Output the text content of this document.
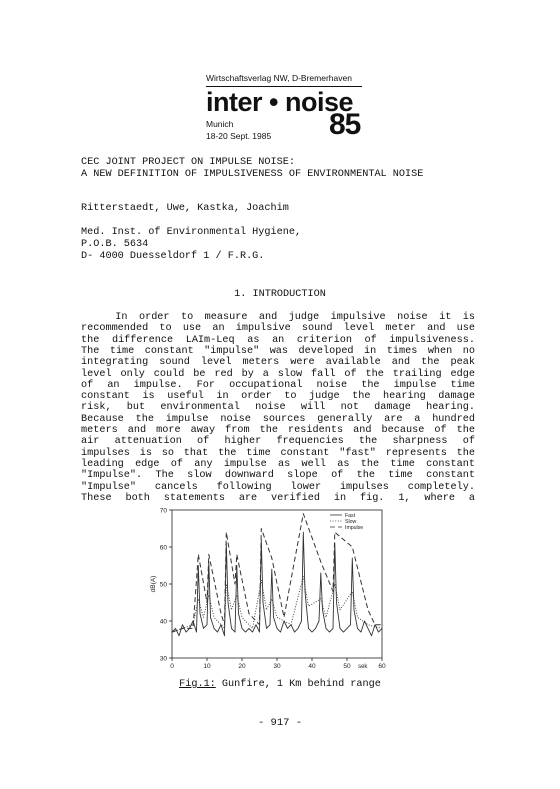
Wirtschaftsverlag NW, D-Bremerhaven
inter • noise
Munich
18-20 Sept. 1985 85
CEC JOINT PROJECT ON IMPULSE NOISE:
A NEW DEFINITION OF IMPULSIVENESS OF ENVIRONMENTAL NOISE
Ritterstaedt, Uwe, Kastka, Joachim
Med. Inst. of Environmental Hygiene,
P.O.B. 5634
D- 4000 Duesseldorf 1 / F.R.G.
1. INTRODUCTION
In order to measure and judge impulsive noise it is
recommended to use an impulsive sound level meter and use
the difference LAIm-Leq as an criterion of impulsiveness.
The time constant "impulse" was developed in times when no
integrating sound level meters were available and the peak
level only could be red by a slow fall of the trailing edge
of an impulse. For occupational noise the impulse time
constant is useful in order to judge the hearing damage
risk, but environmental noise will not damage hearing.
Because the impulse noise sources generally are a hundred
meters and more away from the residents and because of the
air attenuation of higher frequencies the sharpness of
impulses is so that the time constant "fast" represents the
leading edge of any impulse as well as the time constant
"Impulse". The slow downward slope of the time constant
"Impulse" cancels following lower impulses completely.
These both statements are verified in fig. 1, where a
30
40
50
60
70
0	10	20	30	40	50	60
sek
dB(A)
Fast
Slow
Impulse
Fig.1: Gunfire, 1 Km behind range
- 917 -
